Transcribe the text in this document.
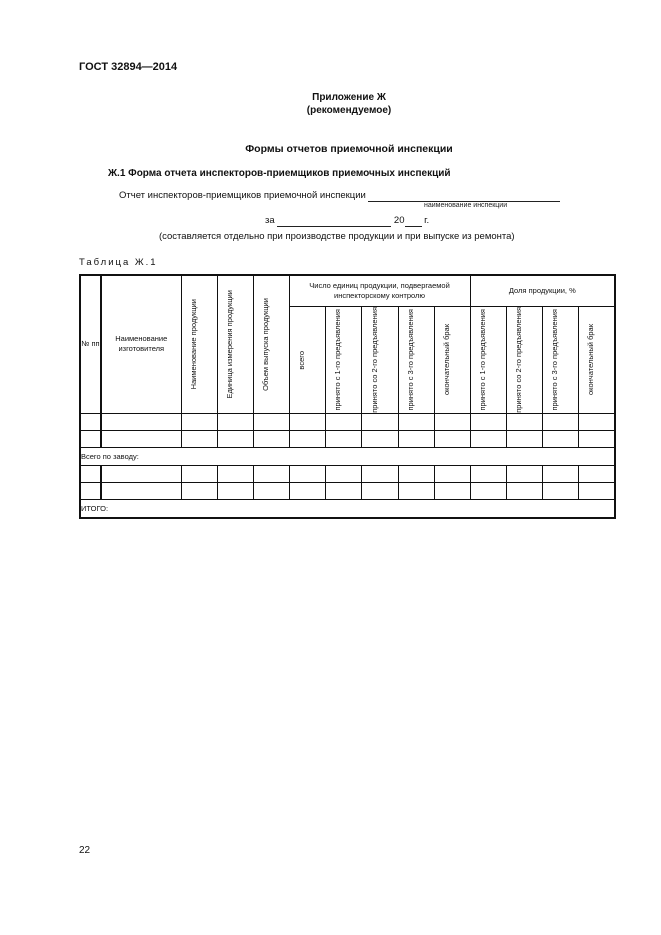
ГОСТ 32894—2014
Приложение Ж
(рекомендуемое)
Формы отчетов приемочной инспекции
Ж.1 Форма отчета инспекторов-приемщиков приемочных инспекций
Отчет инспекторов-приемщиков приемочной инспекции
наименование инспекции
за	20 г.
(составляется отдельно при производстве продукции и при выпуске из ремонта)
Таблица Ж.1
№ пп	Наименование изготовителя	Наименование продукции	Единица измерения продукции	Объем выпуска продукции	Число единиц продукции, подвергаемой инспекторскому контролю					Доля продукции, %			

					всего	принято с 1-го предъявления	принято со 2-го предъявления	принято с 3-го предъявления	окончательный брак	принято с 1-го предъявления	принято со 2-го предъявления	принято с 3-го предъявления	окончательный брак

Всего по заводу:													

ИТОГО:													
22
